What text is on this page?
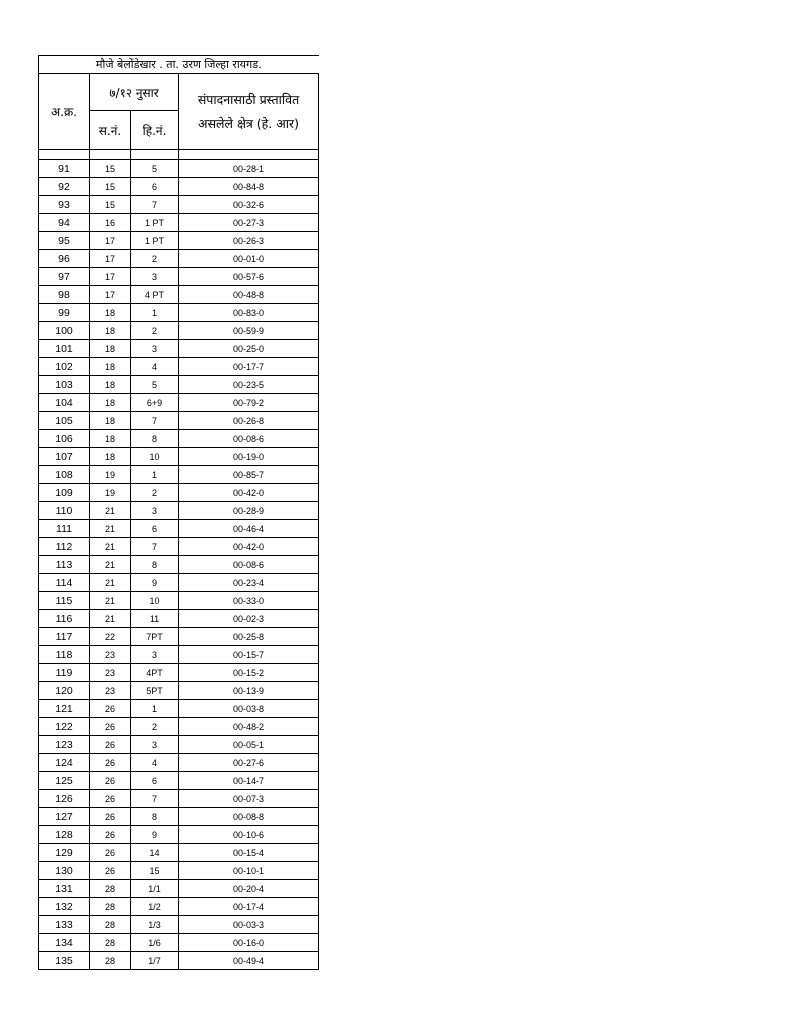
मौजे बेलोंडेखार . ता. उरण जिल्हा रायगड.			
अ.क्र.	७/१२ नुसार		संपादनासाठी प्रस्तावित
असलेले क्षेत्र (हे. आर)

	स.नं.	हि.नं.	

91	15	5	00-28-1
92	15	6	00-84-8
93	15	7	00-32-6
94	16	1 PT	00-27-3
95	17	1 PT	00-26-3
96	17	2	00-01-0
97	17	3	00-57-6
98	17	4 PT	00-48-8
99	18	1	00-83-0
100	18	2	00-59-9
101	18	3	00-25-0
102	18	4	00-17-7
103	18	5	00-23-5
104	18	6+9	00-79-2
105	18	7	00-26-8
106	18	8	00-08-6
107	18	10	00-19-0
108	19	1	00-85-7
109	19	2	00-42-0
110	21	3	00-28-9
111	21	6	00-46-4
112	21	7	00-42-0
113	21	8	00-08-6
114	21	9	00-23-4
115	21	10	00-33-0
116	21	11	00-02-3
117	22	7PT	00-25-8
118	23	3	00-15-7
119	23	4PT	00-15-2
120	23	5PT	00-13-9
121	26	1	00-03-8
122	26	2	00-48-2
123	26	3	00-05-1
124	26	4	00-27-6
125	26	6	00-14-7
126	26	7	00-07-3
127	26	8	00-08-8
128	26	9	00-10-6
129	26	14	00-15-4
130	26	15	00-10-1
131	28	1/1	00-20-4
132	28	1/2	00-17-4
133	28	1/3	00-03-3
134	28	1/6	00-16-0
135	28	1/7	00-49-4
